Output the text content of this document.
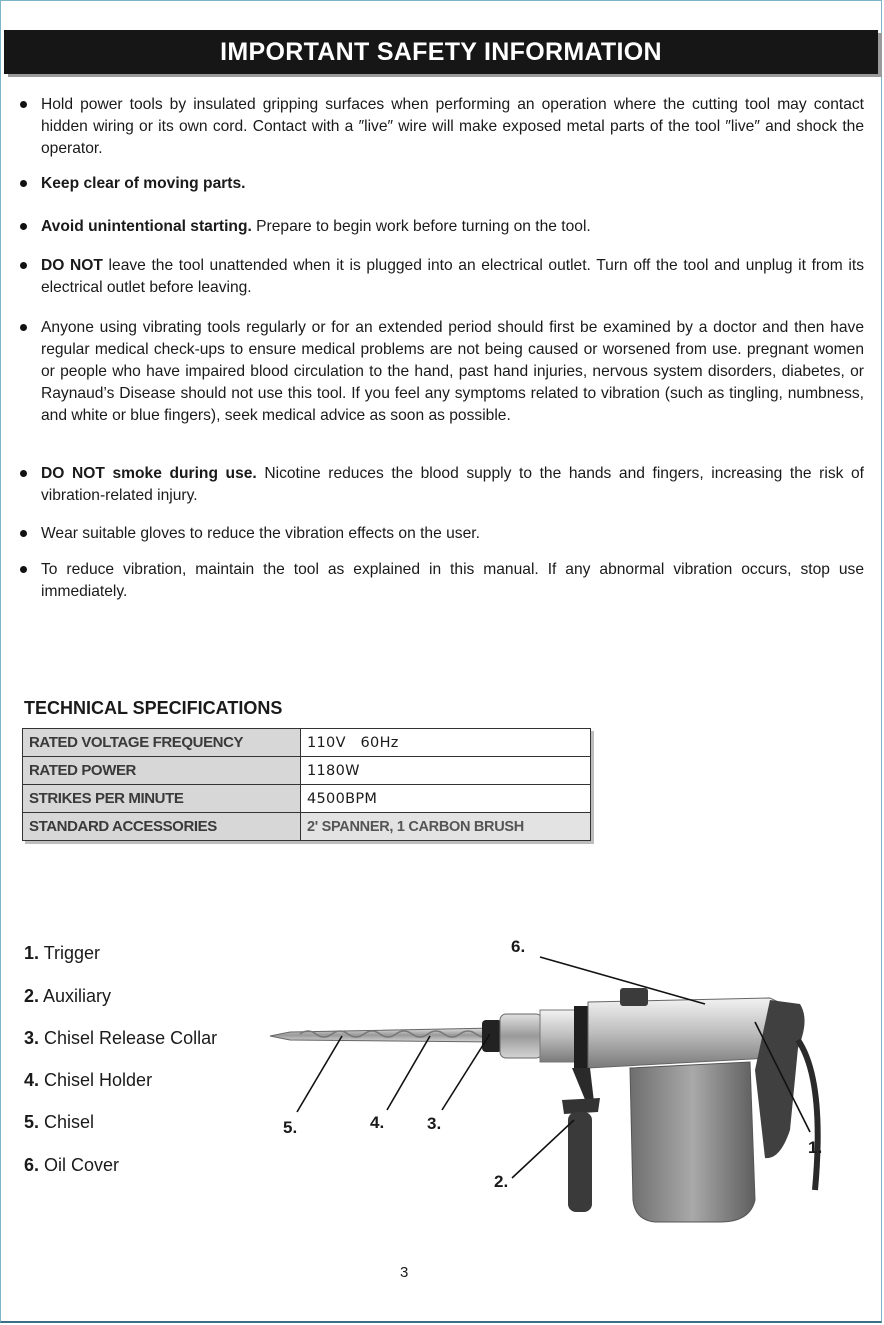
IMPORTANT SAFETY INFORMATION
Hold power tools by insulated gripping surfaces when performing an operation where the cutting tool may contact hidden wiring or its own cord. Contact with a ″live″ wire will make exposed metal parts of the tool ″live″ and shock the operator.
Keep clear of moving parts.
Avoid unintentional starting. Prepare to begin work before turning on the tool.
DO NOT leave the tool unattended when it is plugged into an electrical outlet. Turn off the tool and unplug it from its electrical outlet before leaving.
Anyone using vibrating tools regularly or for an extended period should first be examined by a doctor and then have regular medical check-ups to ensure medical problems are not being caused or worsened from use. pregnant women or people who have impaired blood circulation to the hand, past hand injuries, nervous system disorders, diabetes, or Raynaud’s Disease should not use this tool. If you feel any symptoms related to vibration (such as tingling, numbness, and white or blue fingers), seek medical advice as soon as possible.
DO NOT smoke during use. Nicotine reduces the blood supply to the hands and fingers, increasing the risk of vibration-related injury.
Wear suitable gloves to reduce the vibration effects on the user.
To reduce vibration, maintain the tool as explained in this manual. If any abnormal vibration occurs, stop use immediately.
TECHNICAL SPECIFICATIONS
RATED VOLTAGE FREQUENCY	110V   60Hz
RATED POWER	1180W
STRIKES PER MINUTE	4500BPM
STANDARD ACCESSORIES	2' SPANNER, 1 CARBON BRUSH
1. Trigger
2. Auxiliary
3. Chisel Release Collar
4. Chisel Holder
5. Chisel
6. Oil Cover
6.
1.
2.
3.
4.
5.
3
